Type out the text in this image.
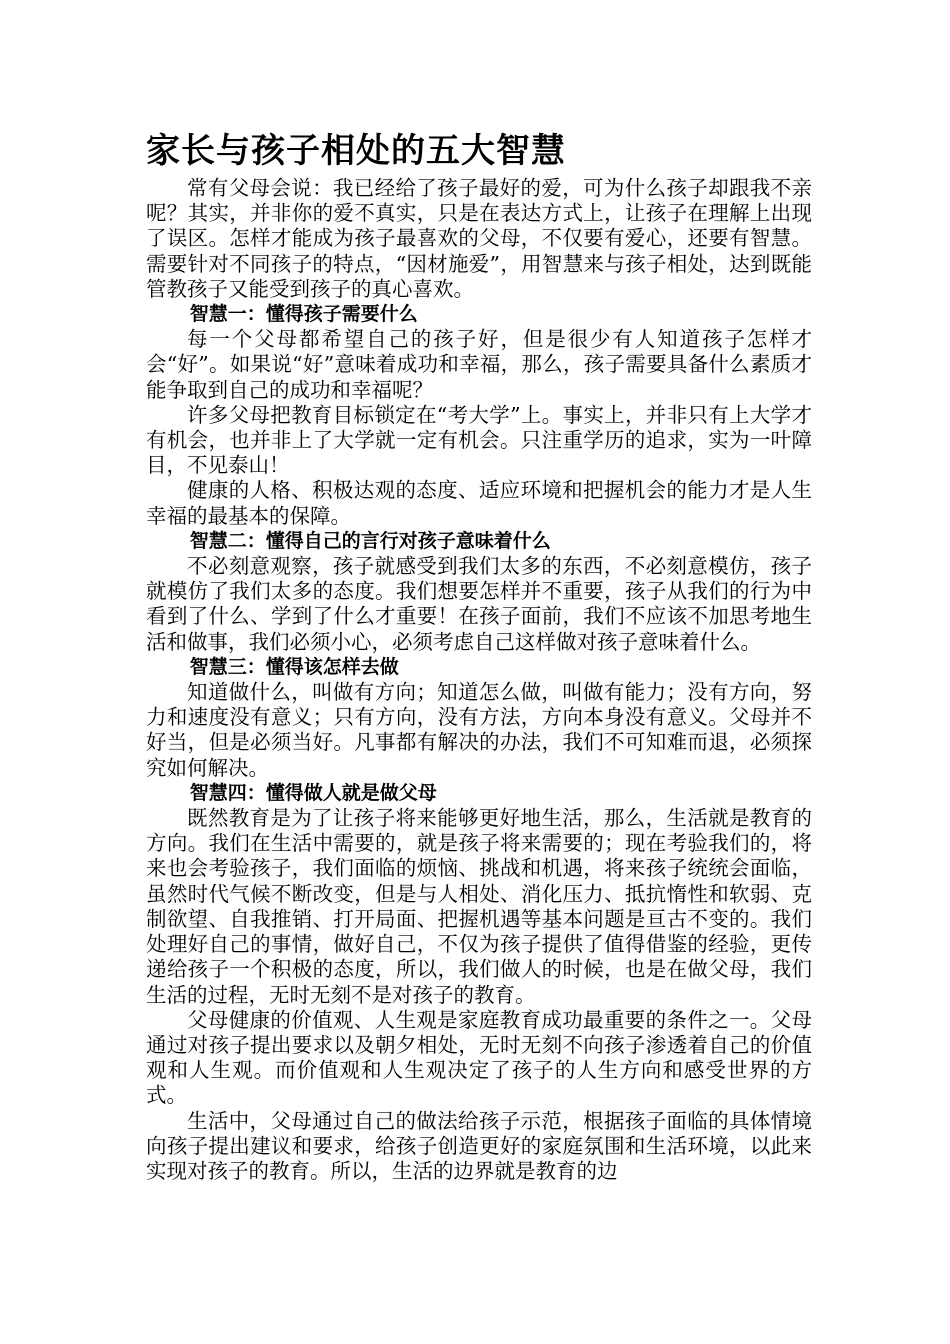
家长与孩子相处的五大智慧

常有父母会说：我已经给了孩子最好的爱，可为什么孩子却跟我不亲呢？其实，并非你的爱不真实，只是在表达方式上，让孩子在理解上出现了误区。怎样才能成为孩子最喜欢的父母，不仅要有爱心，还要有智慧。需要针对不同孩子的特点，“因材施爱”，用智慧来与孩子相处，达到既能管教孩子又能受到孩子的真心喜欢。

智慧一：懂得孩子需要什么

每一个父母都希望自己的孩子好，但是很少有人知道孩子怎样才会“好”。如果说“好”意味着成功和幸福，那么，孩子需要具备什么素质才能争取到自己的成功和幸福呢？

许多父母把教育目标锁定在“考大学”上。事实上，并非只有上大学才有机会，也并非上了大学就一定有机会。只注重学历的追求，实为一叶障目，不见泰山！

健康的人格、积极达观的态度、适应环境和把握机会的能力才是人生幸福的最基本的保障。

智慧二：懂得自己的言行对孩子意味着什么

不必刻意观察，孩子就感受到我们太多的东西，不必刻意模仿，孩子就模仿了我们太多的态度。我们想要怎样并不重要，孩子从我们的行为中看到了什么、学到了什么才重要！在孩子面前，我们不应该不加思考地生活和做事，我们必须小心，必须考虑自己这样做对孩子意味着什么。

智慧三：懂得该怎样去做

知道做什么，叫做有方向；知道怎么做，叫做有能力；没有方向，努力和速度没有意义；只有方向，没有方法，方向本身没有意义。父母并不好当，但是必须当好。凡事都有解决的办法，我们不可知难而退，必须探究如何解决。

智慧四：懂得做人就是做父母

既然教育是为了让孩子将来能够更好地生活，那么，生活就是教育的方向。我们在生活中需要的，就是孩子将来需要的；现在考验我们的，将来也会考验孩子，我们面临的烦恼、挑战和机遇，将来孩子统统会面临，虽然时代气候不断改变，但是与人相处、消化压力、抵抗惰性和软弱、克制欲望、自我推销、打开局面、把握机遇等基本问题是亘古不变的。我们处理好自己的事情，做好自己，不仅为孩子提供了值得借鉴的经验，更传递给孩子一个积极的态度，所以，我们做人的时候，也是在做父母，我们生活的过程，无时无刻不是对孩子的教育。

父母健康的价值观、人生观是家庭教育成功最重要的条件之一。父母通过对孩子提出要求以及朝夕相处，无时无刻不向孩子渗透着自己的价值观和人生观。而价值观和人生观决定了孩子的人生方向和感受世界的方式。

生活中，父母通过自己的做法给孩子示范，根据孩子面临的具体情境向孩子提出建议和要求，给孩子创造更好的家庭氛围和生活环境，以此来实现对孩子的教育。所以，生活的边界就是教育的边
